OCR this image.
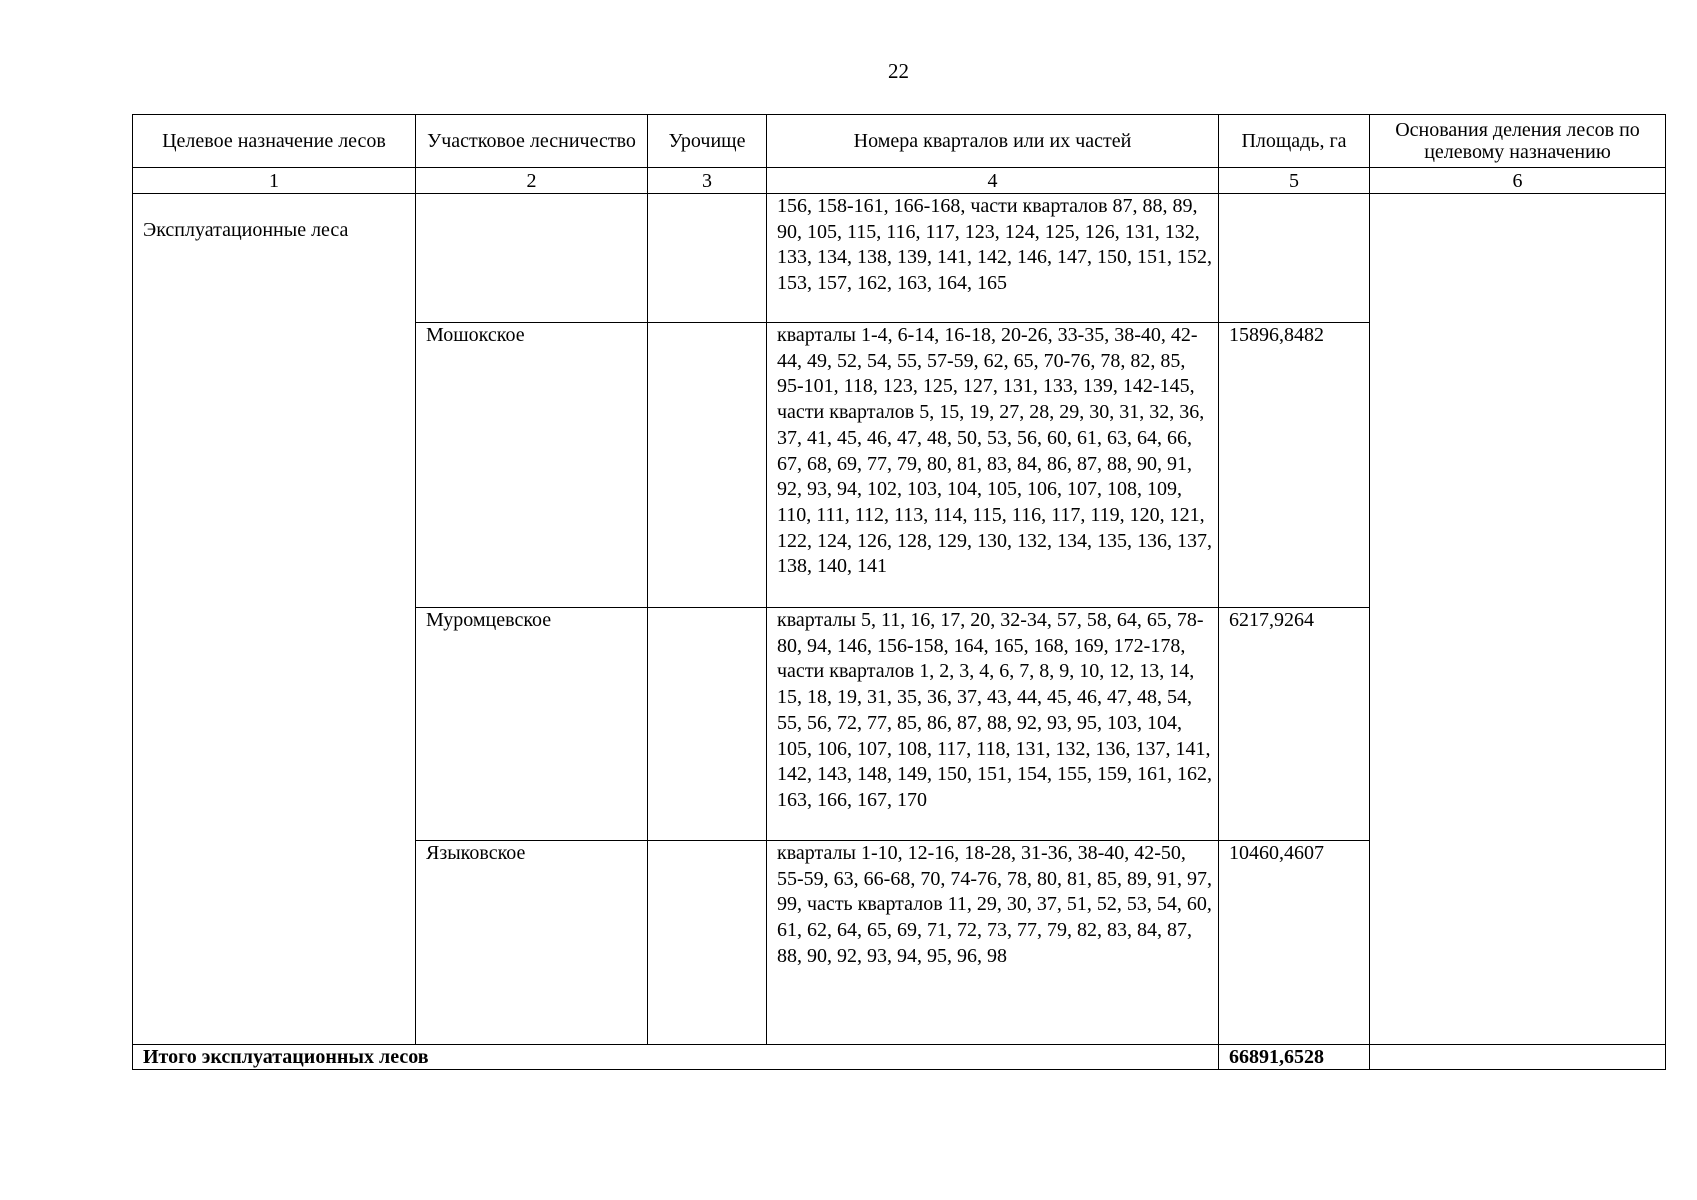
22
Целевое назначение лесов	Участковое лесничество	Урочище	Номера кварталов или их частей	Площадь, га	Основания деления лесов по целевому назначению
1	2	3	4	5	6
Эксплуатационные леса			156, 158-161, 166-168, части кварталов 87, 88, 89, 90, 105, 115, 116, 117, 123, 124, 125, 126, 131, 132, 133, 134, 138, 139, 141, 142, 146, 147, 150, 151, 152, 153, 157, 162, 163, 164, 165		
	Мошокское		кварталы 1-4, 6-14, 16-18, 20-26, 33-35, 38-40, 42-44, 49, 52, 54, 55, 57-59, 62, 65, 70-76, 78, 82, 85, 95-101, 118, 123, 125, 127, 131, 133, 139, 142-145, части кварталов 5, 15, 19, 27, 28, 29, 30, 31, 32, 36, 37, 41, 45, 46, 47, 48, 50, 53, 56, 60, 61, 63, 64, 66, 67, 68, 69, 77, 79, 80, 81, 83, 84, 86, 87, 88, 90, 91, 92, 93, 94, 102, 103, 104, 105, 106, 107, 108, 109, 110, 111, 112, 113, 114, 115, 116, 117, 119, 120, 121, 122, 124, 126, 128, 129, 130, 132, 134, 135, 136, 137, 138, 140, 141	15896,8482	
	Муромцевское		кварталы 5, 11, 16, 17, 20, 32-34, 57, 58, 64, 65, 78-80, 94, 146, 156-158, 164, 165, 168, 169, 172-178, части кварталов 1, 2, 3, 4, 6, 7, 8, 9, 10, 12, 13, 14, 15, 18, 19, 31, 35, 36, 37, 43, 44, 45, 46, 47, 48, 54, 55, 56, 72, 77, 85, 86, 87, 88, 92, 93, 95, 103, 104, 105, 106, 107, 108, 117, 118, 131, 132, 136, 137, 141, 142, 143, 148, 149, 150, 151, 154, 155, 159, 161, 162, 163, 166, 167, 170	6217,9264	
	Языковское		кварталы 1-10, 12-16, 18-28, 31-36, 38-40, 42-50, 55-59, 63, 66-68, 70, 74-76, 78, 80, 81, 85, 89, 91, 97, 99, часть кварталов 11, 29, 30, 37, 51, 52, 53, 54, 60, 61, 62, 64, 65, 69, 71, 72, 73, 77, 79, 82, 83, 84, 87, 88, 90, 92, 93, 94, 95, 96, 98	10460,4607	
Итого эксплуатационных лесов				66891,6528	
